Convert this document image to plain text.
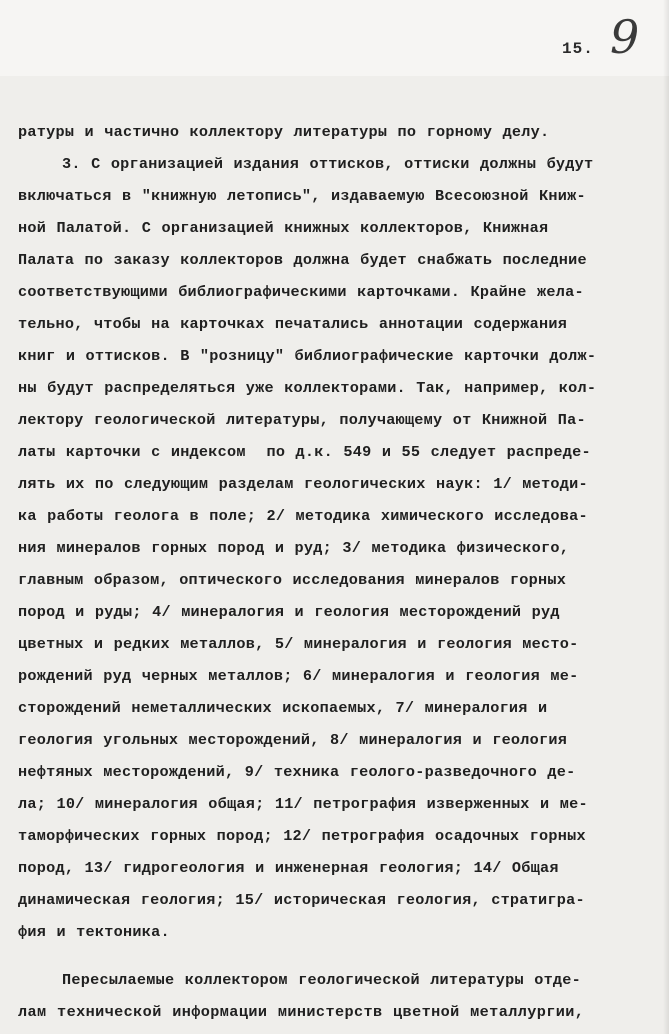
15. 9
ратуры и частично коллектору литературы по горному делу.
3. С организацией издания оттисков, оттиски должны будут
включаться в "книжную летопись", издаваемую Всесоюзной Книж-
ной Палатой. С организацией книжных коллекторов, Книжная
Палата по заказу коллекторов должна будет снабжать последние
соответствующими библиографическими карточками. Крайне жела-
тельно, чтобы на карточках печатались аннотации содержания
книг и оттисков. В "розницу" библиографические карточки долж-
ны будут распределяться уже коллекторами. Так, например, кол-
лектору геологической литературы, получающему от Книжной Па-
латы карточки с индексом  по д.к. 549 и 55 следует распреде-
лять их по следующим разделам геологических наук: 1/ методи-
ка работы геолога в поле; 2/ методика химического исследова-
ния минералов горных пород и руд; 3/ методика физического,
главным образом, оптического исследования минералов горных
пород и руды; 4/ минералогия и геология месторождений руд
цветных и редких металлов, 5/ минералогия и геология место-
рождений руд черных металлов; 6/ минералогия и геология ме-
сторождений неметаллических ископаемых, 7/ минералогия и
геология угольных месторождений, 8/ минералогия и геология
нефтяных месторождений, 9/ техника геолого-разведочного де-
ла; 10/ минералогия общая; 11/ петрография изверженных и ме-
таморфических горных пород; 12/ петрография осадочных горных
пород, 13/ гидрогеология и инженерная геология; 14/ Общая
динамическая геология; 15/ историческая геология, стратигра-
фия и тектоника.
Пересылаемые коллектором геологической литературы отде-
лам технической информации министерств цветной металлургии,
